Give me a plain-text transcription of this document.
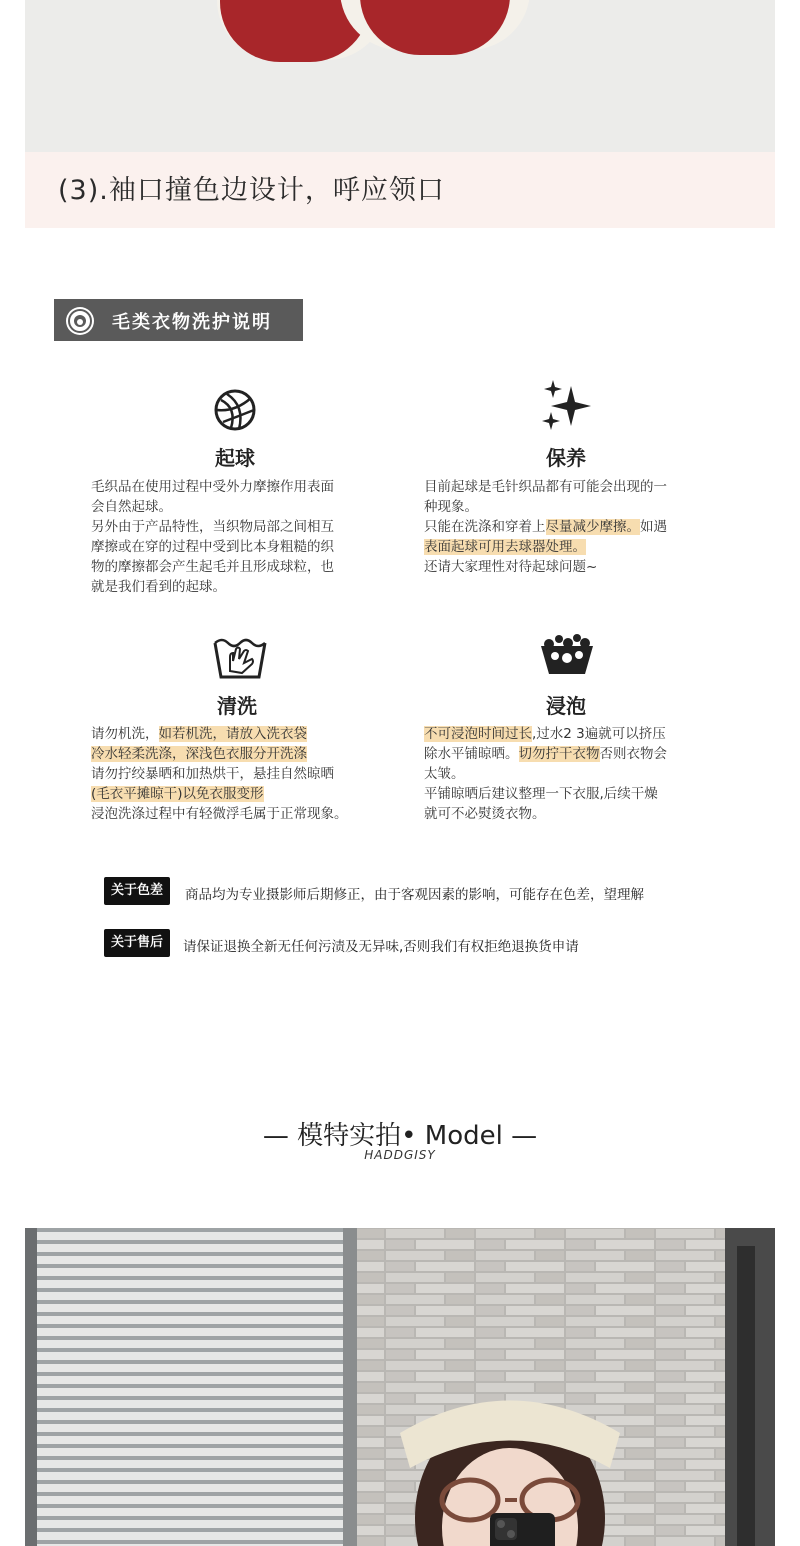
(3).袖口撞色边设计，呼应领口
毛类衣物洗护说明
起球
毛织品在使用过程中受外力摩擦作用表面
会自然起球。
另外由于产品特性，当织物局部之间相互
摩擦或在穿的过程中受到比本身粗糙的织
物的摩擦都会产生起毛并且形成球粒，也
就是我们看到的起球。
保养
目前起球是毛针织品都有可能会出现的一
种现象。
只能在洗涤和穿着上尽量减少摩擦。如遇
表面起球可用去球器处理。
还请大家理性对待起球问题~
清洗
请勿机洗，如若机洗，请放入洗衣袋
冷水轻柔洗涤，深浅色衣服分开洗涤
请勿拧绞暴晒和加热烘干，悬挂自然晾晒
(毛衣平摊晾干)以免衣服变形
浸泡洗涤过程中有轻微浮毛属于正常现象。
浸泡
不可浸泡时间过长,过水2 3遍就可以挤压
除水平铺晾晒。切勿拧干衣物否则衣物会
太皱。
平铺晾晒后建议整理一下衣服,后续干燥
就可不必熨烫衣物。
关于色差	商品均为专业摄影师后期修正，由于客观因素的影响，可能存在色差，望理解
关于售后	请保证退换全新无任何污渍及无异味,否则我们有权拒绝退换货申请
— 模特实拍• Model —
HADDGISY
